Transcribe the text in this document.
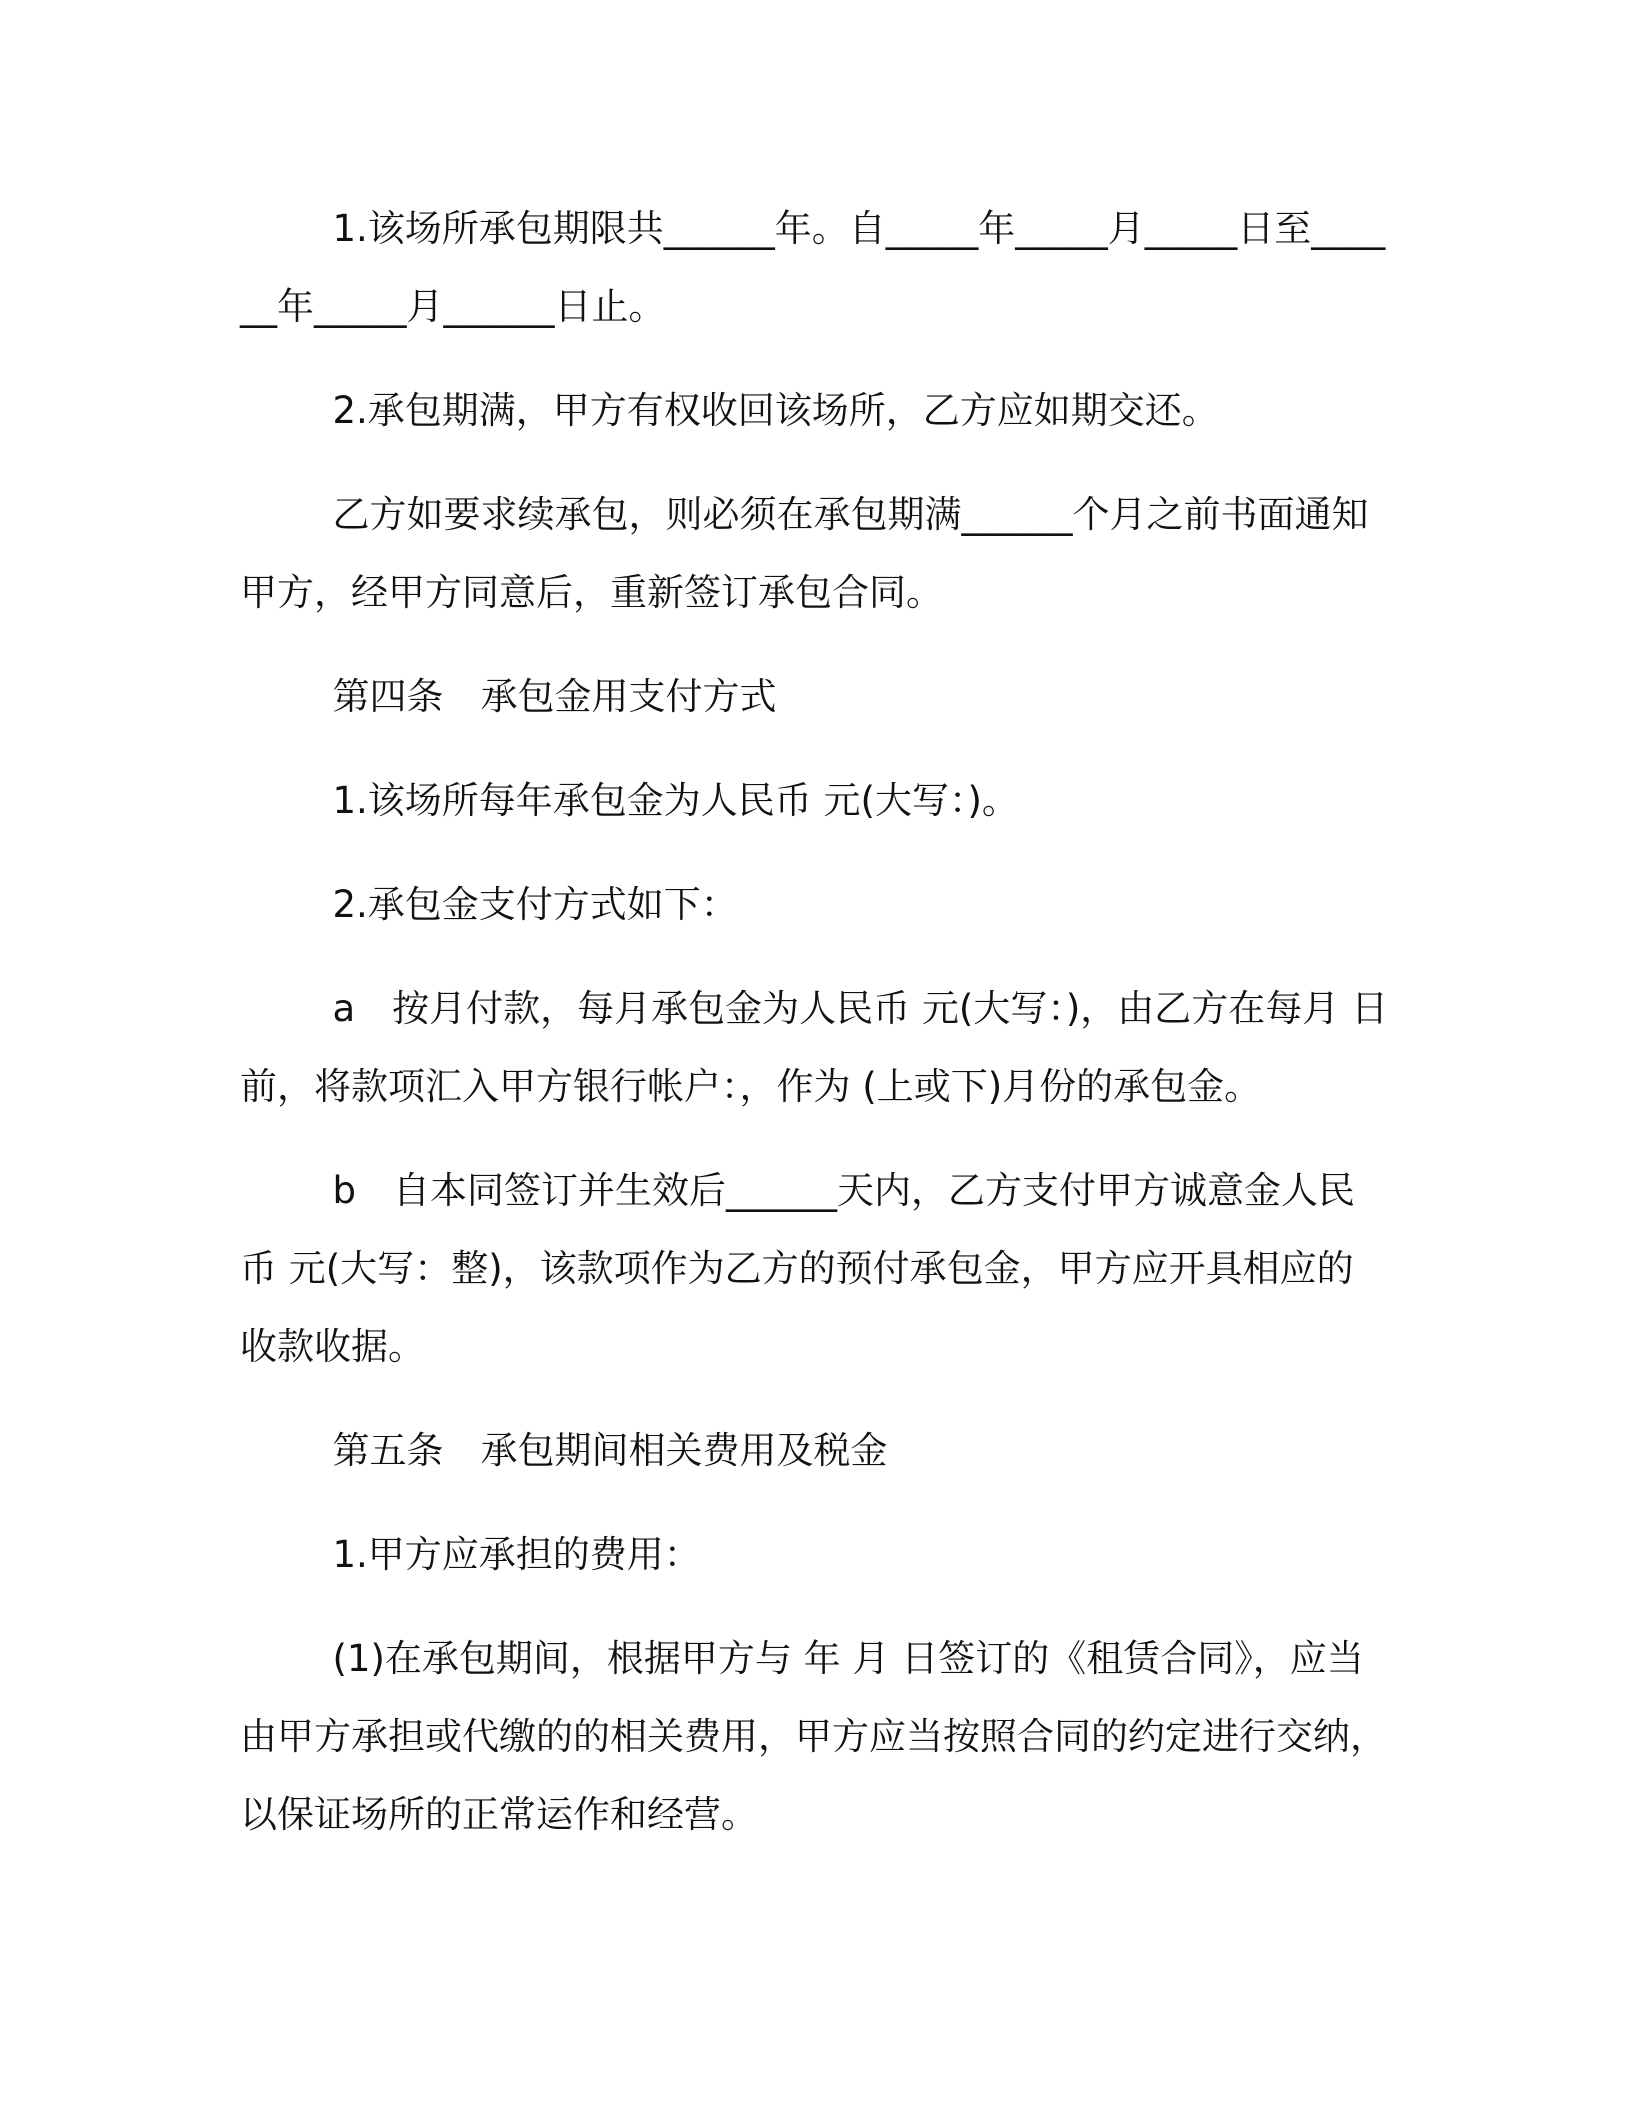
1.该场所承包期限共______年。自_____年_____月_____日至______年_____月______日止。

2.承包期满，甲方有权收回该场所，乙方应如期交还。

乙方如要求续承包，则必须在承包期满______个月之前书面通知甲方，经甲方同意后，重新签订承包合同。

第四条　承包金用支付方式

1.该场所每年承包金为人民币 元(大写：)。

2.承包金支付方式如下：

a　按月付款，每月承包金为人民币 元(大写：)，由乙方在每月 日前，将款项汇入甲方银行帐户：，作为 (上或下)月份的承包金。

b　自本同签订并生效后______天内，乙方支付甲方诚意金人民币 元(大写：整)，该款项作为乙方的预付承包金，甲方应开具相应的收款收据。

第五条　承包期间相关费用及税金

1.甲方应承担的费用：

(1)在承包期间，根据甲方与 年 月 日签订的《租赁合同》，应当由甲方承担或代缴的的相关费用，甲方应当按照合同的约定进行交纳，以保证场所的正常运作和经营。
